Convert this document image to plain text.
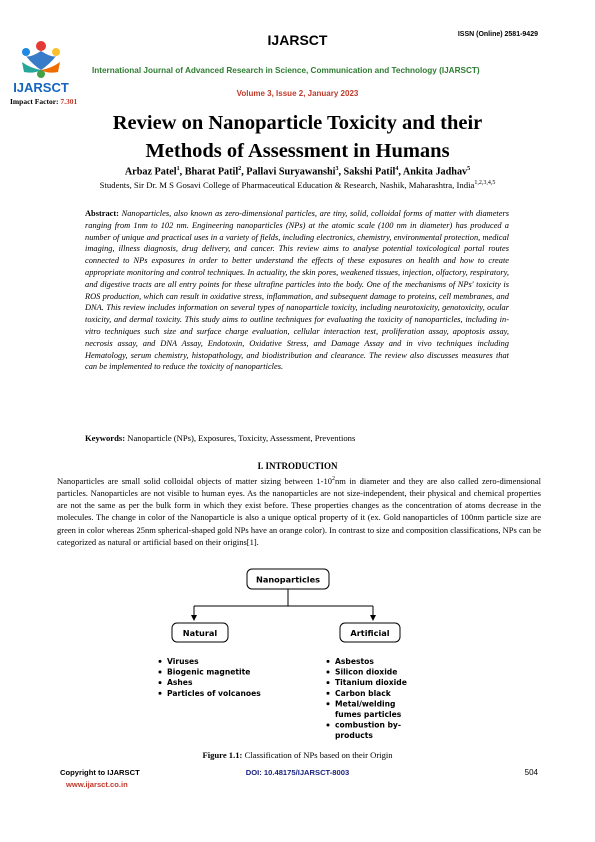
IJARSCT	ISSN (Online) 2581-9429
IJARSCT
Impact Factor: 7.301
International Journal of Advanced Research in Science, Communication and Technology (IJARSCT)
Volume 3, Issue 2, January 2023
Review on Nanoparticle Toxicity and their
Methods of Assessment in Humans
Arbaz Patel$^1$, Bharat Patil$^2$, Pallavi Suryawanshi$^3$, Sakshi Patil$^4$, Ankita Jadhav$^5$
Students, Sir Dr. M S Gosavi College of Pharmaceutical Education & Research, Nashik, Maharashtra, India$^{1,2,3,4,5}$
Abstract: Nanoparticles, also known as zero-dimensional particles, are tiny, solid, colloidal forms of matter with diameters ranging from 1nm to 102 nm. Engineering nanoparticles (NPs) at the atomic scale (100 nm in diameter) has produced a number of unique and practical uses in a variety of fields, including electronics, chemistry, environmental protection, medical imaging, illness diagnosis, drug delivery, and cancer. This review aims to analyse potential toxicological portal routes connected to NPs exposures in order to better understand the effects of these exposures on health and how to create appropriate monitoring and control techniques. In actuality, the skin pores, weakened tissues, injection, olfactory, respiratory, and digestive tracts are all entry points for these ultrafine particles into the body. One of the mechanisms of NPs' toxicity is ROS production, which can result in oxidative stress, inflammation, and subsequent damage to proteins, cell membranes, and DNA. This review includes information on several types of nanoparticle toxicity, including neurotoxicity, genotoxicity, ocular toxicity, and dermal toxicity. This study aims to outline techniques for evaluating the toxicity of nanoparticles, including in-vitro techniques such size and surface charge evaluation, cellular interaction test, proliferation assay, apoptosis assay, necrosis assay, and DNA Assay, Endotoxin, Oxidative Stress, and Damage Assay and in vivo techniques including Hematology, serum chemistry, histopathology, and biodistribution and clearance. The review also discusses measures that can be implemented to reduce the toxicity of nanoparticles.
Keywords: Nanoparticle (NPs), Exposures, Toxicity, Assessment, Preventions
I. INTRODUCTION
Nanoparticles are small solid colloidal objects of matter sizing between $1-10^2nm$ in diameter and they are also called zero-dimensional particles. Nanoparticles are not visible to human eyes. As the nanoparticles are not size-independent, their physical and chemical properties are not the same as per the bulk form in which they exist before. These properties changes as the concentration of atoms decrease in the molecules. The change in color of the Nanoparticle is also a unique optical property of it (ex. Gold nanoparticles of 100nm particle size are green in color whereas 25nm spherical-shaped gold NPs have an orange color). In contrast to size and composition classifications, NPs can be categorized as natural or artificial based on their origins[1].
Nanoparticles
Natural	Artificial
Viruses
Biogenic magnetite
Ashes
Particles of volcanoes
Asbestos
Silicon dioxide
Titanium dioxide
Carbon black
Metal/welding
fumes particles
combustion by-
products
Figure 1.1: Classification of NPs based on their Origin
Copyright to IJARSCT
www.ijarsct.co.in
DOI: 10.48175/IJARSCT-8003	504
